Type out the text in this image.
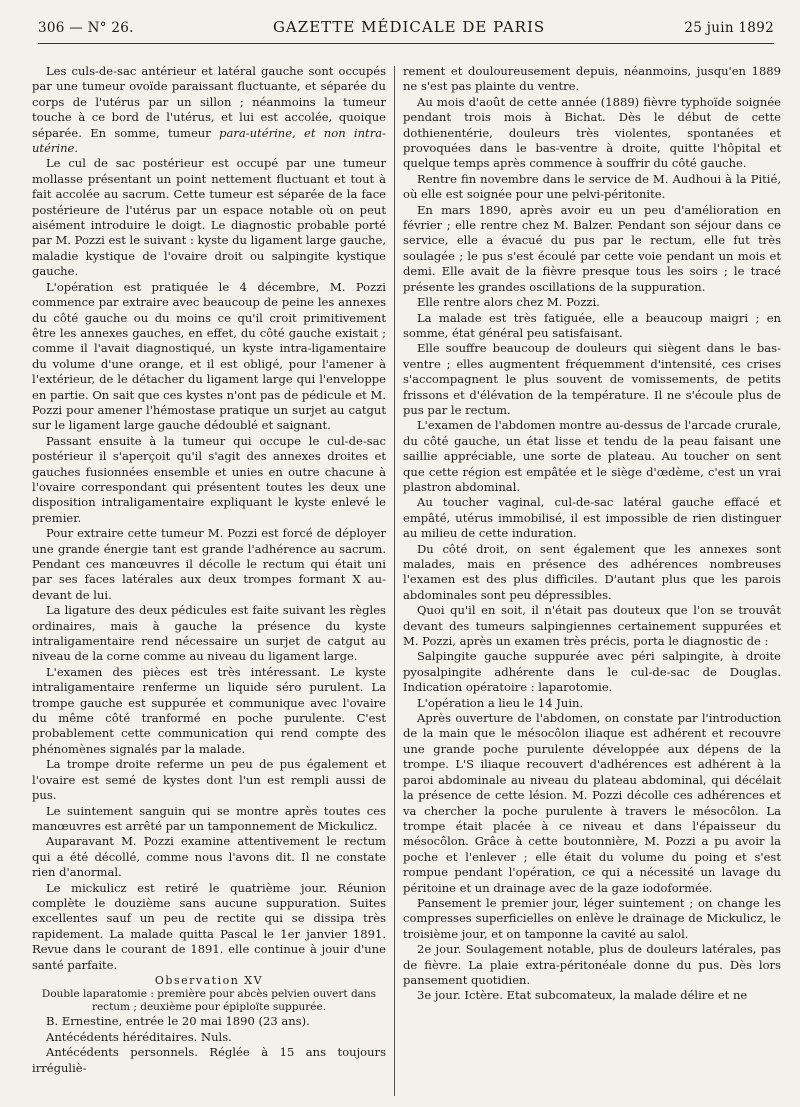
306 — N° 26.	GAZETTE MÉDICALE DE PARIS	25 juin 1892

Les culs-de-sac antérieur et latéral gauche sont occupés par une tumeur ovoïde paraissant fluctuante, et séparée du corps de l'utérus par un sillon ; néanmoins la tumeur touche à ce bord de l'utérus, et lui est accolée, quoique séparée. En somme, tumeur para-utérine, et non intra-utérine.

Le cul de sac postérieur est occupé par une tumeur mollasse présentant un point nettement fluctuant et tout à fait accolée au sacrum. Cette tumeur est séparée de la face postérieure de l'utérus par un espace notable où on peut aisément introduire le doigt. Le diagnostic probable porté par M. Pozzi est le suivant : kyste du ligament large gauche, maladie kystique de l'ovaire droit ou salpingite kystique gauche.

L'opération est pratiquée le 4 décembre, M. Pozzi commence par extraire avec beaucoup de peine les annexes du côté gauche ou du moins ce qu'il croit primitivement être les annexes gauches, en effet, du côté gauche existait ; comme il l'avait diagnostiqué, un kyste intra-ligamentaire du volume d'une orange, et il est obligé, pour l'amener à l'extérieur, de le détacher du ligament large qui l'enveloppe en partie. On sait que ces kystes n'ont pas de pédicule et M. Pozzi pour amener l'hémostase pratique un surjet au catgut sur le ligament large gauche dédoublé et saignant.

Passant ensuite à la tumeur qui occupe le cul-de-sac postérieur il s'aperçoit qu'il s'agit des annexes droites et gauches fusionnées ensemble et unies en outre chacune à l'ovaire correspondant qui présentent toutes les deux une disposition intraligamentaire expliquant le kyste enlevé le premier.

Pour extraire cette tumeur M. Pozzi est forcé de déployer une grande énergie tant est grande l'adhérence au sacrum. Pendant ces manœuvres il décolle le rectum qui était uni par ses faces latérales aux deux trompes formant X au-devant de lui.

La ligature des deux pédicules est faite suivant les règles ordinaires, mais à gauche la présence du kyste intraligamentaire rend nécessaire un surjet de catgut au niveau de la corne comme au niveau du ligament large.

L'examen des pièces est très intéressant. Le kyste intraligamentaire renferme un liquide séro purulent. La trompe gauche est suppurée et communique avec l'ovaire du même côté tranformé en poche purulente. C'est probablement cette communication qui rend compte des phénomènes signalés par la malade.

La trompe droite referme un peu de pus également et l'ovaire est semé de kystes dont l'un est rempli aussi de pus.

Le suintement sanguin qui se montre après toutes ces manœuvres est arrêté par un tamponnement de Mickulicz.

Auparavant M. Pozzi examine attentivement le rectum qui a été décollé, comme nous l'avons dit. Il ne constate rien d'anormal.

Le mickulicz est retiré le quatrième jour. Réunion complète le douzième sans aucune suppuration. Suites excellentes sauf un peu de rectite qui se dissipa très rapidement. La malade quitta Pascal le 1er janvier 1891. Revue dans le courant de 1891. elle continue à jouir d'une santé parfaite.

Observation XV

Double laparatomie : première pour abcès pelvien ouvert dans rectum ; deuxième pour épiploïte suppurée.

B. Ernestine, entrée le 20 mai 1890 (23 ans).

Antécédents héréditaires. Nuls.

Antécédents personnels. Réglée à 15 ans toujours irréguliè-

rement et douloureusement depuis, néanmoins, jusqu'en 1889 ne s'est pas plainte du ventre.

Au mois d'août de cette année (1889) fièvre typhoïde soignée pendant trois mois à Bichat. Dès le début de cette dothienentérie, douleurs très violentes, spontanées et provoquées dans le bas-ventre à droite, quitte l'hôpital et quelque temps après commence à souffrir du côté gauche.

Rentre fin novembre dans le service de M. Audhoui à la Pitié, où elle est soignée pour une pelvi-péritonite.

En mars 1890, après avoir eu un peu d'amélioration en février ; elle rentre chez M. Balzer. Pendant son séjour dans ce service, elle a évacué du pus par le rectum, elle fut très soulagée ; le pus s'est écoulé par cette voie pendant un mois et demi. Elle avait de la fièvre presque tous les soirs ; le tracé présente les grandes oscillations de la suppuration.

Elle rentre alors chez M. Pozzi.

La malade est très fatiguée, elle a beaucoup maigri ; en somme, état général peu satisfaisant.

Elle souffre beaucoup de douleurs qui siègent dans le bas-ventre ; elles augmentent fréquemment d'intensité, ces crises s'accompagnent le plus souvent de vomissements, de petits frissons et d'élévation de la température. Il ne s'écoule plus de pus par le rectum.

L'examen de l'abdomen montre au-dessus de l'arcade crurale, du côté gauche, un état lisse et tendu de la peau faisant une saillie appréciable, une sorte de plateau. Au toucher on sent que cette région est empâtée et le siège d'œdème, c'est un vrai plastron abdominal.

Au toucher vaginal, cul-de-sac latéral gauche effacé et empâté, utérus immobilisé, il est impossible de rien distinguer au milieu de cette induration.

Du côté droit, on sent également que les annexes sont malades, mais en présence des adhérences nombreuses l'examen est des plus difficiles. D'autant plus que les parois abdominales sont peu dépressibles.

Quoi qu'il en soit, il n'était pas douteux que l'on se trouvât devant des tumeurs salpingiennes certainement suppurées et M. Pozzi, après un examen très précis, porta le diagnostic de :

Salpingite gauche suppurée avec péri salpingite, à droite pyosalpingite adhérente dans le cul-de-sac de Douglas. Indication opératoire : laparotomie.

L'opération a lieu le 14 Juin.

Après ouverture de l'abdomen, on constate par l'introduction de la main que le mésocôlon iliaque est adhérent et recouvre une grande poche purulente développée aux dépens de la trompe. L'S iliaque recouvert d'adhérences est adhérent à la paroi abdominale au niveau du plateau abdominal, qui décélait la présence de cette lésion. M. Pozzi décolle ces adhérences et va chercher la poche purulente à travers le mésocôlon. La trompe était placée à ce niveau et dans l'épaisseur du mésocôlon. Grâce à cette boutonnière, M. Pozzi a pu avoir la poche et l'enlever ; elle était du volume du poing et s'est rompue pendant l'opération, ce qui a nécessité un lavage du péritoine et un drainage avec de la gaze iodoformée.

Pansement le premier jour, léger suintement ; on change les compresses superficielles on enlève le drainage de Mickulicz, le troisième jour, et on tamponne la cavité au salol.

2e jour. Soulagement notable, plus de douleurs latérales, pas de fièvre. La plaie extra-péritonéale donne du pus. Dès lors pansement quotidien.

3e jour. Ictère. Etat subcomateux, la malade délire et ne
